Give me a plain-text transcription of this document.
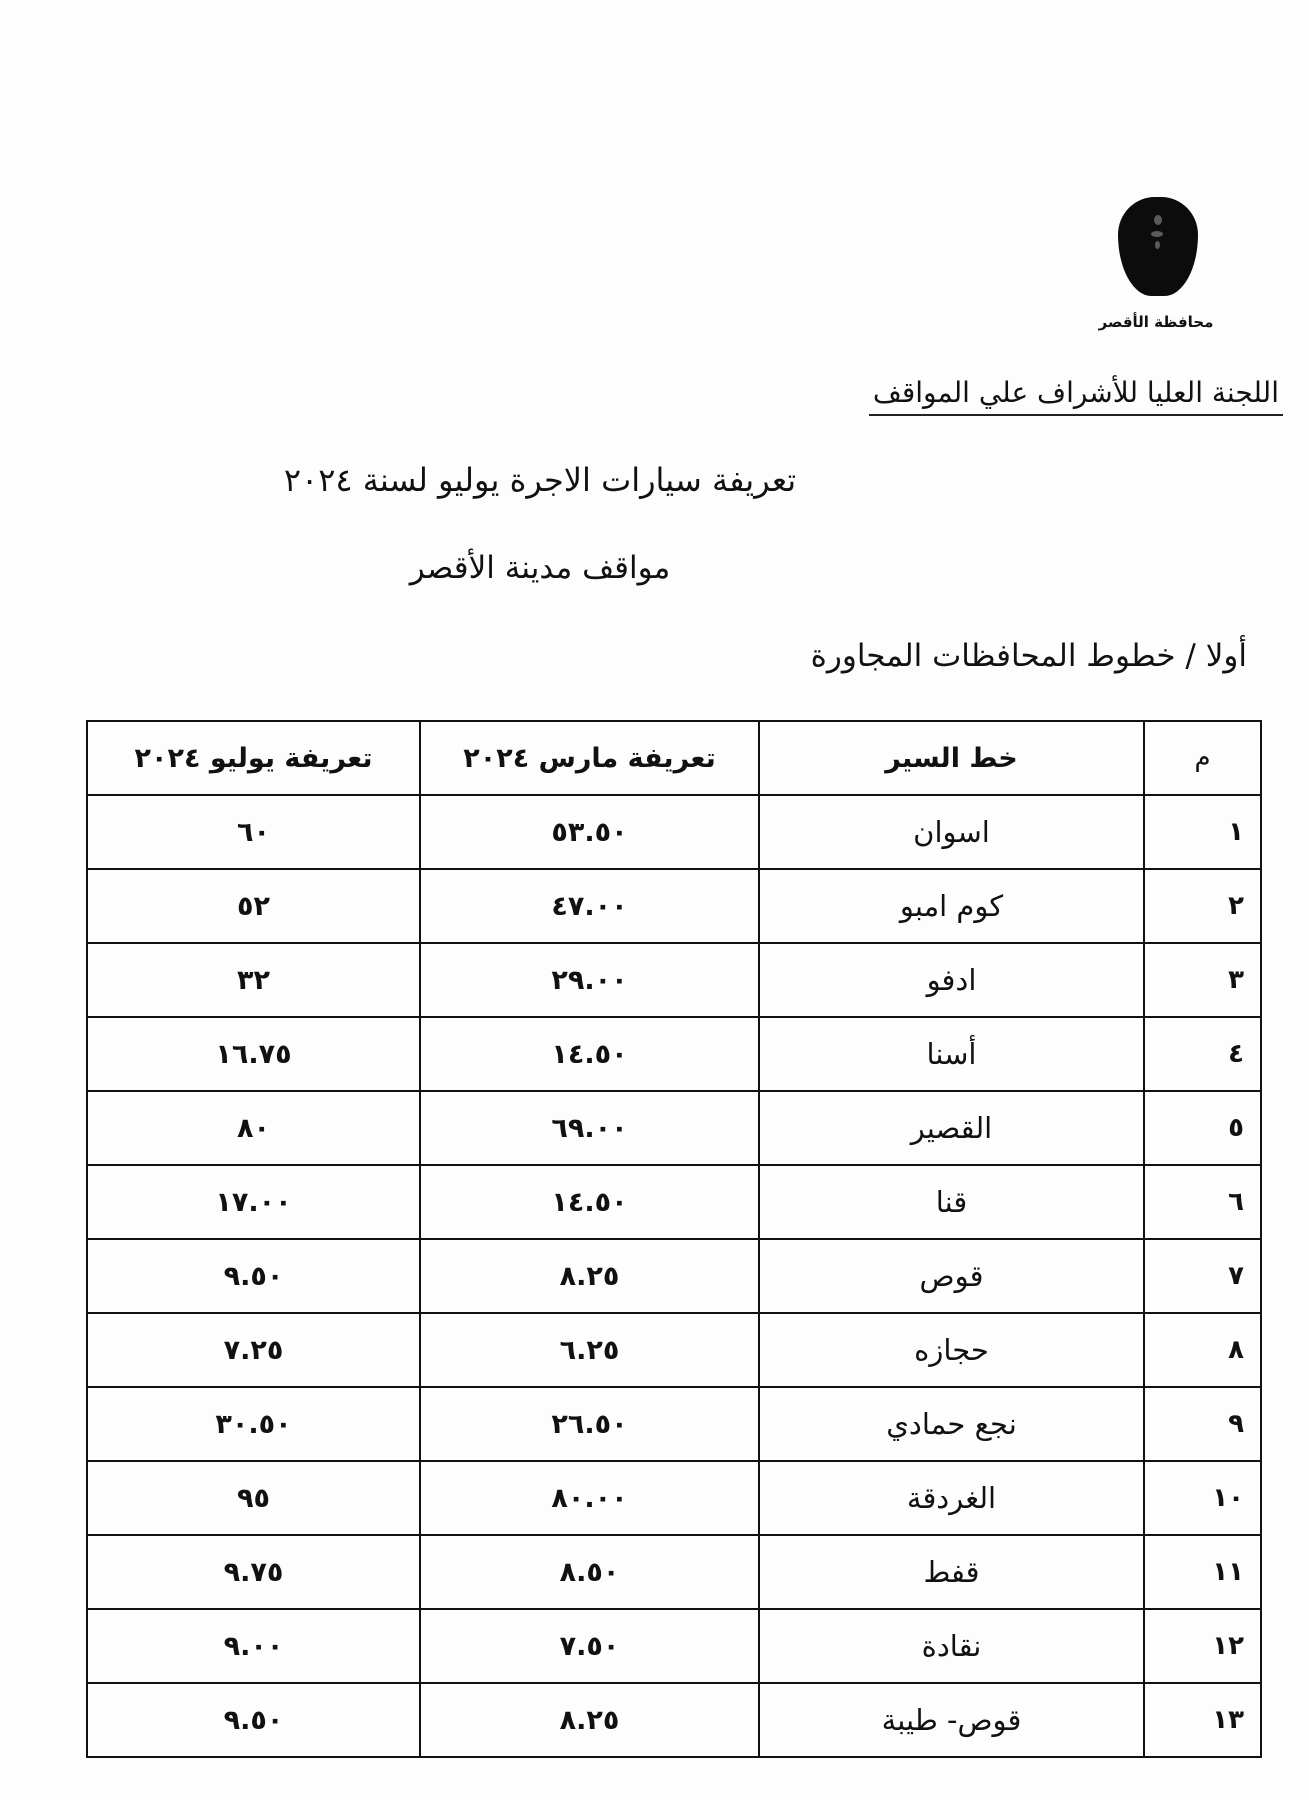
محافظة الأقصر
اللجنة العليا للأشراف علي المواقف
تعريفة سيارات الاجرة يوليو لسنة ٢٠٢٤
مواقف مدينة الأقصر
أولا / خطوط المحافظات المجاورة
م	خط السير	تعريفة مارس ٢٠٢٤	تعريفة يوليو ٢٠٢٤
١	اسوان	٥٣.٥٠	٦٠
٢	كوم امبو	٤٧.٠٠	٥٢
٣	ادفو	٢٩.٠٠	٣٢
٤	أسنا	١٤.٥٠	١٦.٧٥
٥	القصير	٦٩.٠٠	٨٠
٦	قنا	١٤.٥٠	١٧.٠٠
٧	قوص	٨.٢٥	٩.٥٠
٨	حجازه	٦.٢٥	٧.٢٥
٩	نجع حمادي	٢٦.٥٠	٣٠.٥٠
١٠	الغردقة	٨٠.٠٠	٩٥
١١	قفط	٨.٥٠	٩.٧٥
١٢	نقادة	٧.٥٠	٩.٠٠
١٣	قوص- طيبة	٨.٢٥	٩.٥٠
